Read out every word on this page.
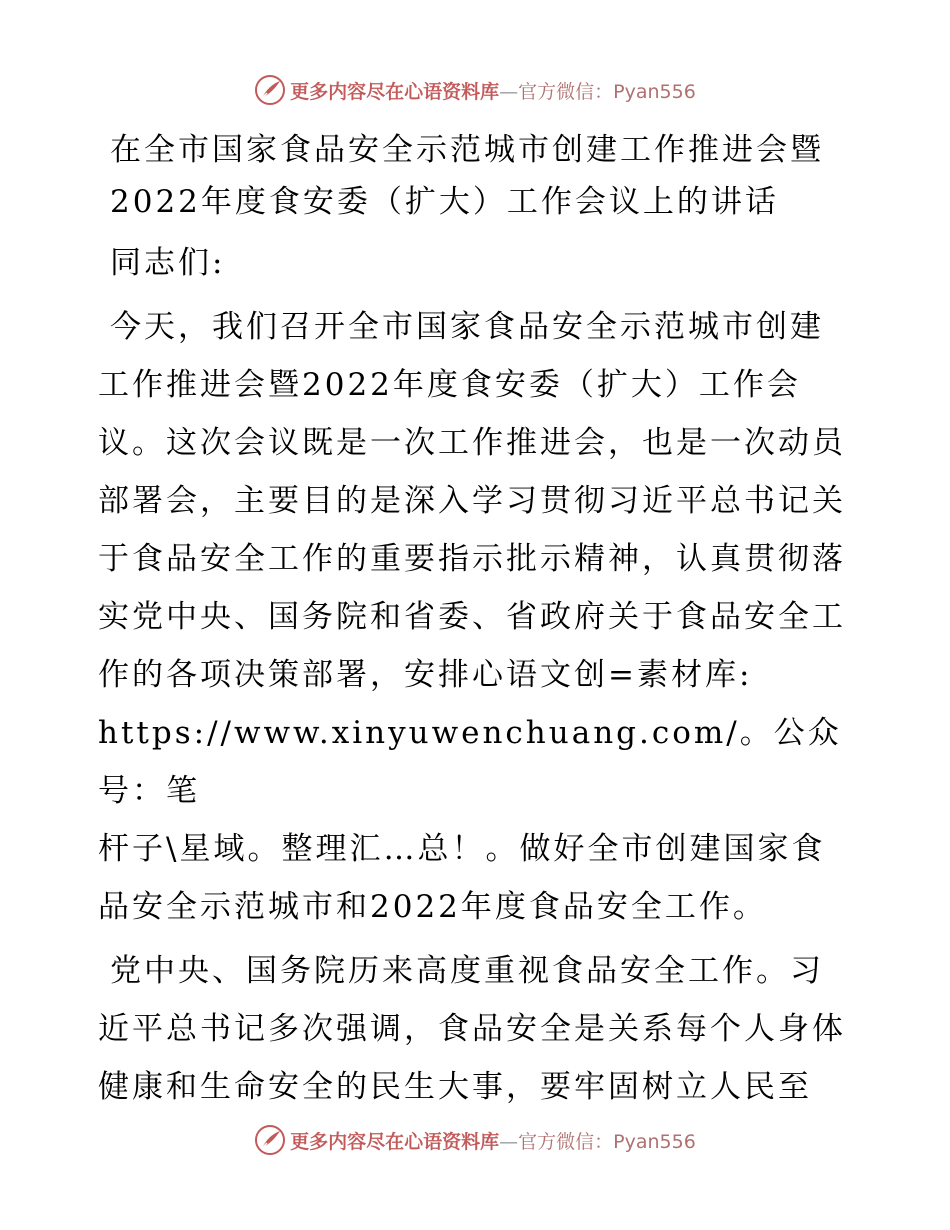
更多内容尽在心语资料库—官方微信：Pyan556
在全市国家食品安全示范城市创建工作推进会暨
2022年度食安委（扩大）工作会议上的讲话
同志们:
今天，我们召开全市国家食品安全示范城市创建
工作推进会暨2022年度食安委（扩大）工作会
议。这次会议既是一次工作推进会，也是一次动员
部署会，主要目的是深入学习贯彻习近平总书记关
于食品安全工作的重要指示批示精神，认真贯彻落
实党中央、国务院和省委、省政府关于食品安全工
作的各项决策部署，安排心语文创=素材库:
https://www.xinyuwenchuang.com/。公众号：笔
杆子\星域。整理汇…总！。做好全市创建国家食
品安全示范城市和2022年度食品安全工作。
党中央、国务院历来高度重视食品安全工作。习
近平总书记多次强调，食品安全是关系每个人身体
健康和生命安全的民生大事，要牢固树立人民至
更多内容尽在心语资料库—官方微信：Pyan556
